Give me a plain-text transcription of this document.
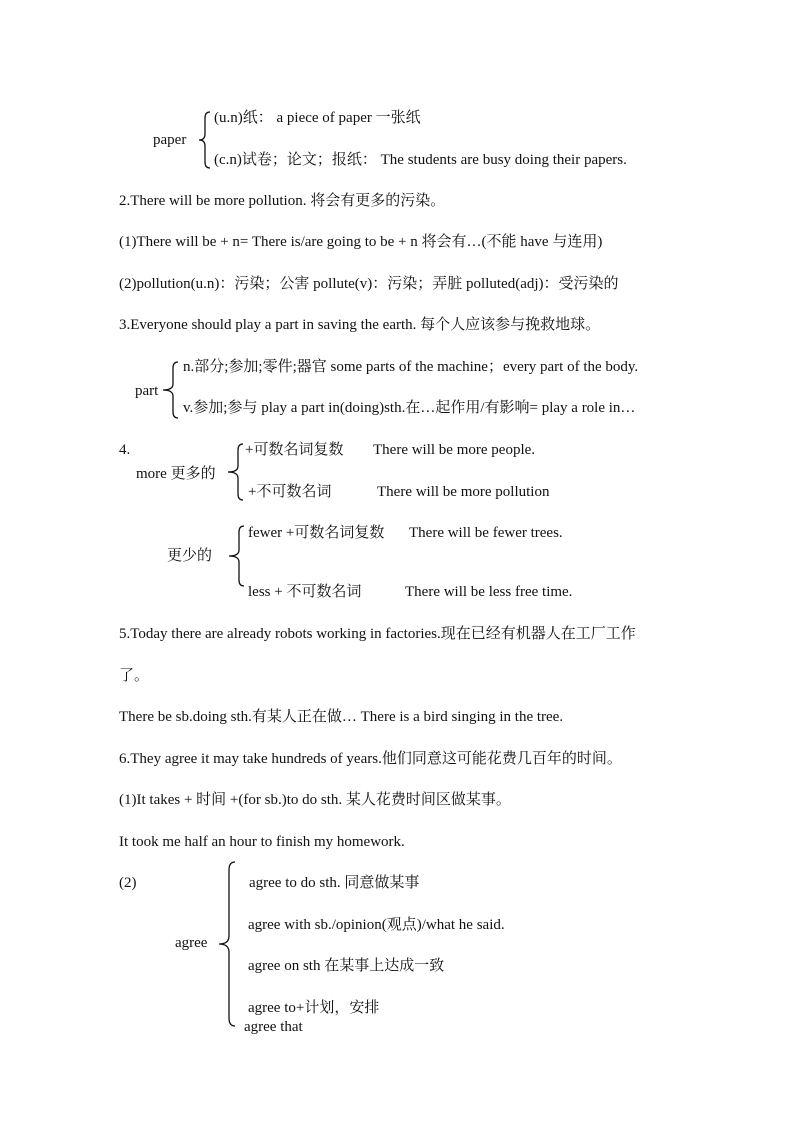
paper
(u.n)纸： a piece of paper 一张纸
(c.n)试卷；论文；报纸： The students are busy doing their papers.
2.There will be more pollution. 将会有更多的污染。
(1)There will be + n= There is/are going to be + n 将会有…(不能 have 与连用)
(2)pollution(u.n)：污染；公害 pollute(v)：污染；弄脏 polluted(adj)：受污染的
3.Everyone should play a part in saving the earth. 每个人应该参与挽救地球。
part
n.部分;参加;零件;器官 some parts of the machine；every part of the body.
v.参加;参与 play a part in(doing)sth.在…起作用/有影响= play a role in…
4.
more 更多的
+可数名词复数 There will be more people.
+不可数名词	There will be more pollution
更少的
fewer +可数名词复数 There will be fewer trees.
less + 不可数名词	There will be less free time.
5.Today there are already robots working in factories.现在已经有机器人在工厂工作
了。
There be sb.doing sth.有某人正在做… There is a bird singing in the tree.
6.They agree it may take hundreds of years.他们同意这可能花费几百年的时间。
(1)It takes + 时间 +(for sb.)to do sth. 某人花费时间区做某事。
It took me half an hour to finish my homework.
(2)
agree
agree to do sth. 同意做某事
agree with sb./opinion(观点)/what he said.
agree on sth 在某事上达成一致
agree to+计划，安排
agree that
